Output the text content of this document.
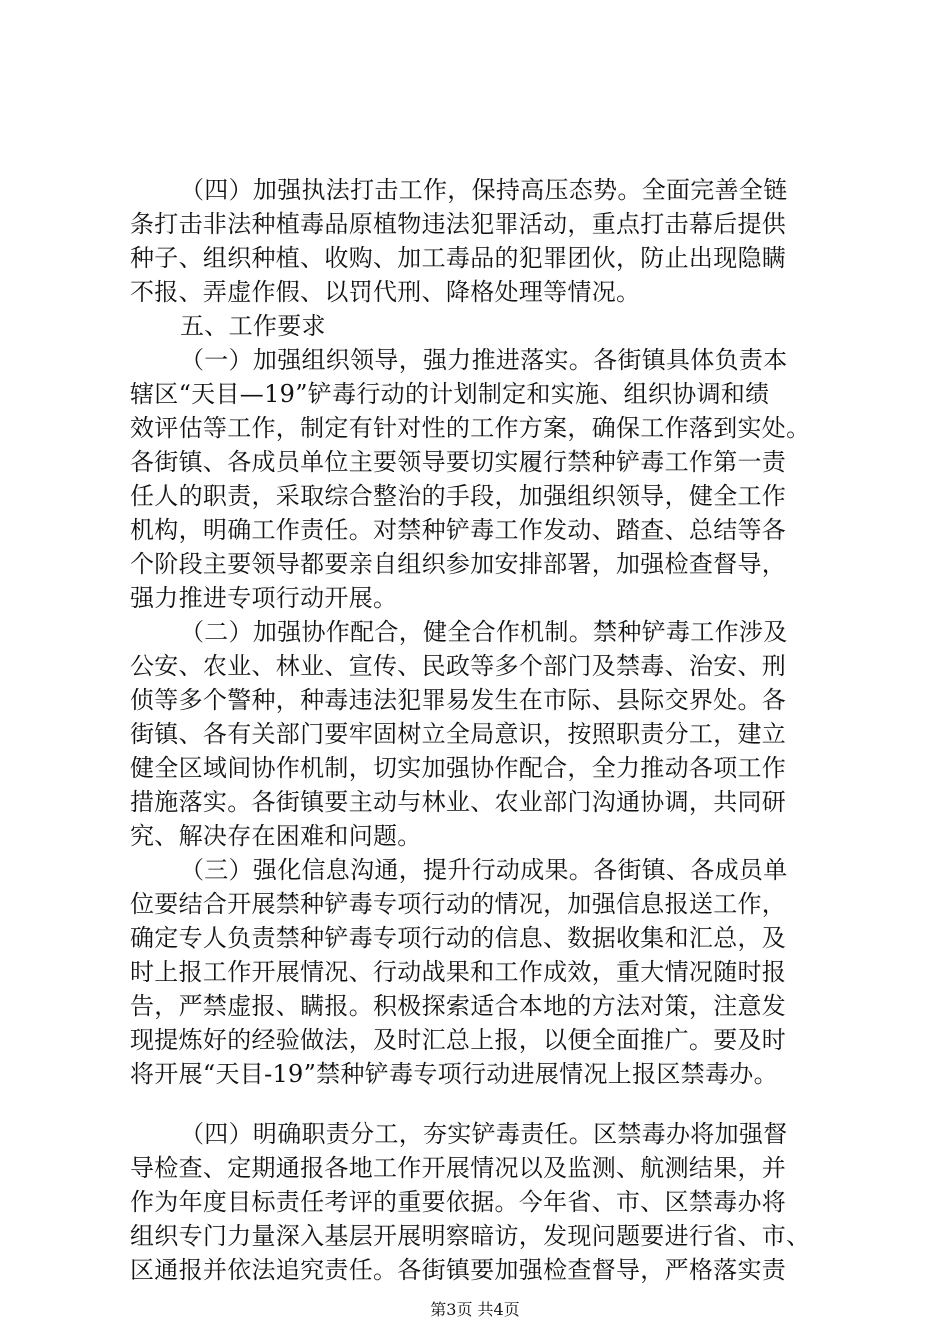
（四）加强执法打击工作，保持高压态势。全面完善全链
条打击非法种植毒品原植物违法犯罪活动，重点打击幕后提供
种子、组织种植、收购、加工毒品的犯罪团伙，防止出现隐瞒
不报、弄虚作假、以罚代刑、降格处理等情况。
五、工作要求
（一）加强组织领导，强力推进落实。各街镇具体负责本
辖区“天目—19”铲毒行动的计划制定和实施、组织协调和绩
效评估等工作，制定有针对性的工作方案，确保工作落到实处。
各街镇、各成员单位主要领导要切实履行禁种铲毒工作第一责
任人的职责，采取综合整治的手段，加强组织领导，健全工作
机构，明确工作责任。对禁种铲毒工作发动、踏查、总结等各
个阶段主要领导都要亲自组织参加安排部署，加强检查督导，
强力推进专项行动开展。
（二）加强协作配合，健全合作机制。禁种铲毒工作涉及
公安、农业、林业、宣传、民政等多个部门及禁毒、治安、刑
侦等多个警种，种毒违法犯罪易发生在市际、县际交界处。各
街镇、各有关部门要牢固树立全局意识，按照职责分工，建立
健全区域间协作机制，切实加强协作配合，全力推动各项工作
措施落实。各街镇要主动与林业、农业部门沟通协调，共同研
究、解决存在困难和问题。
（三）强化信息沟通，提升行动成果。各街镇、各成员单
位要结合开展禁种铲毒专项行动的情况，加强信息报送工作，
确定专人负责禁种铲毒专项行动的信息、数据收集和汇总，及
时上报工作开展情况、行动战果和工作成效，重大情况随时报
告，严禁虚报、瞒报。积极探索适合本地的方法对策，注意发
现提炼好的经验做法，及时汇总上报，以便全面推广。要及时
将开展“天目-19”禁种铲毒专项行动进展情况上报区禁毒办。
（四）明确职责分工，夯实铲毒责任。区禁毒办将加强督
导检查、定期通报各地工作开展情况以及监测、航测结果，并
作为年度目标责任考评的重要依据。今年省、市、区禁毒办将
组织专门力量深入基层开展明察暗访，发现问题要进行省、市、
区通报并依法追究责任。各街镇要加强检查督导，严格落实责
第3页 共4页
